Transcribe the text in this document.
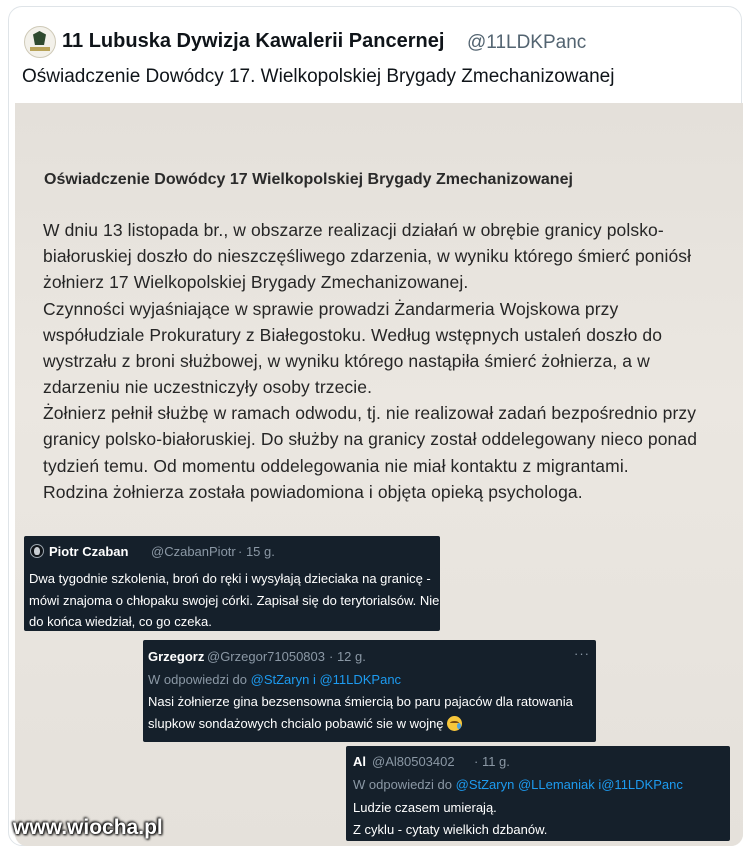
11 Lubuska Dywizja Kawalerii Pancernej @11LDKPanc
Oświadczenie Dowódcy 17. Wielkopolskiej Brygady Zmechanizowanej
Oświadczenie Dowódcy 17 Wielkopolskiej Brygady Zmechanizowanej
W dniu 13 listopada br., w obszarze realizacji działań w obrębie granicy polsko-
białoruskiej doszło do nieszczęśliwego zdarzenia, w wyniku którego śmierć poniósł
żołnierz 17 Wielkopolskiej Brygady Zmechanizowanej.
Czynności wyjaśniające w sprawie prowadzi Żandarmeria Wojskowa przy
współudziale Prokuratury z Białegostoku. Według wstępnych ustaleń doszło do
wystrzału z broni służbowej, w wyniku którego nastąpiła śmierć żołnierza, a w
zdarzeniu nie uczestniczyły osoby trzecie.
Żołnierz pełnił służbę w ramach odwodu, tj. nie realizował zadań bezpośrednio przy
granicy polsko-białoruskiej. Do służby na granicy został oddelegowany nieco ponad
tydzień temu. Od momentu oddelegowania nie miał kontaktu z migrantami.
Rodzina żołnierza została powiadomiona i objęta opieką psychologa.
Piotr Czaban @CzabanPiotr · 15 g.
Dwa tygodnie szkolenia, broń do ręki i wysyłają dzieciaka na granicę -
mówi znajoma o chłopaku swojej córki. Zapisał się do terytorialsów. Nie
do końca wiedział, co go czeka.
Grzegorz @Grzegor71050803 · 12 g.	···
W odpowiedzi do @StZaryn i @11LDKPanc
Nasi żołnierze gina bezsensowna śmiercią bo paru pajaców dla ratowania
slupkow sondażowych chcialo pobawić sie w wojnę
Al @Al80503402 · 11 g.
W odpowiedzi do @StZaryn @LLemaniak i@11LDKPanc
Ludzie czasem umierają.
Z cyklu - cytaty wielkich dzbanów.
www.wiocha.pl
